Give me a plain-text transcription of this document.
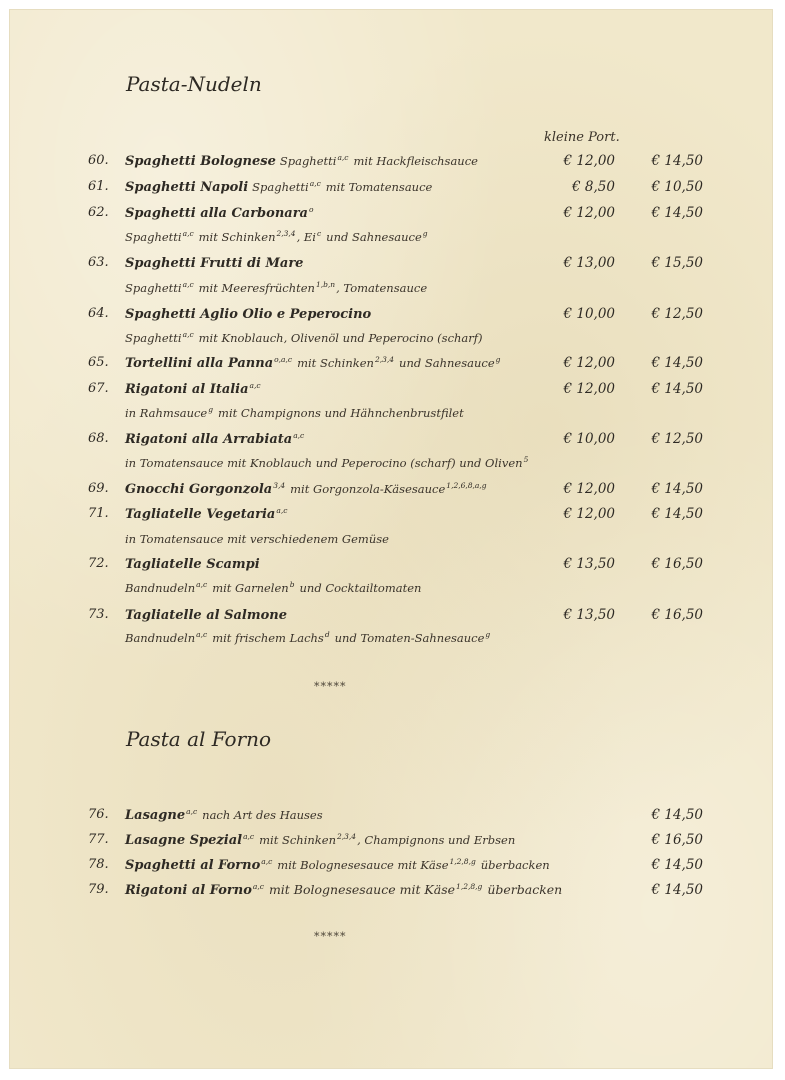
Pasta-Nudeln
kleine Port.
60. Spaghetti Bolognese Spaghetti$^{a,c}$ mit Hackfleischsauce	€ 12,00	€ 14,50
61. Spaghetti Napoli Spaghetti$^{a,c}$ mit Tomatensauce	€ 8,50	€ 10,50
62. Spaghetti alla Carbonara$^o$	€ 12,00	€ 14,50
Spaghetti$^{a,c}$ mit Schinken$^{2,3,4}$, Ei$^c$ und Sahnesauce$^g$
63. Spaghetti Frutti di Mare	€ 13,00	€ 15,50
Spaghetti$^{a,c}$ mit Meeresfrüchten$^{1,b,n}$, Tomatensauce
64. Spaghetti Aglio Olio e Peperocino	€ 10,00	€ 12,50
Spaghetti$^{a,c}$ mit Knoblauch, Olivenöl und Peperocino (scharf)
65. Tortellini alla Panna$^{o,a,c}$ mit Schinken$^{2,3,4}$ und Sahnesauce$^g$	€ 12,00	€ 14,50
67. Rigatoni al Italia$^{a,c}$	€ 12,00	€ 14,50
in Rahmsauce$^g$ mit Champignons und Hähnchenbrustfilet
68. Rigatoni alla Arrabiata$^{a,c}$	€ 10,00	€ 12,50
in Tomatensauce mit Knoblauch und Peperocino (scharf) und Oliven$^5$
69. Gnocchi Gorgonzola$^{3,4}$ mit Gorgonzola-Käsesauce$^{1,2,6,8,a,g}$	€ 12,00	€ 14,50
71. Tagliatelle Vegetaria$^{a,c}$	€ 12,00	€ 14,50
in Tomatensauce mit verschiedenem Gemüse
72. Tagliatelle Scampi	€ 13,50	€ 16,50
Bandnudeln$^{a,c}$ mit Garnelen$^b$ und Cocktailtomaten
73. Tagliatelle al Salmone	€ 13,50	€ 16,50
Bandnudeln$^{a,c}$ mit frischem Lachs$^d$ und Tomaten-Sahnesauce$^g$
*****
Pasta al Forno
76. Lasagne$^{a,c}$ nach Art des Hauses	€ 14,50
77. Lasagne Spezial$^{a,c}$ mit Schinken$^{2,3,4}$, Champignons und Erbsen	€ 16,50
78. Spaghetti al Forno$^{a,c}$ mit Bolognesesauce mit Käse$^{1,2,8,g}$ überbacken	€ 14,50
79. Rigatoni al Forno$^{a,c}$ mit Bolognesesauce mit Käse$^{1,2,8,g}$ überbacken	€ 14,50
*****
